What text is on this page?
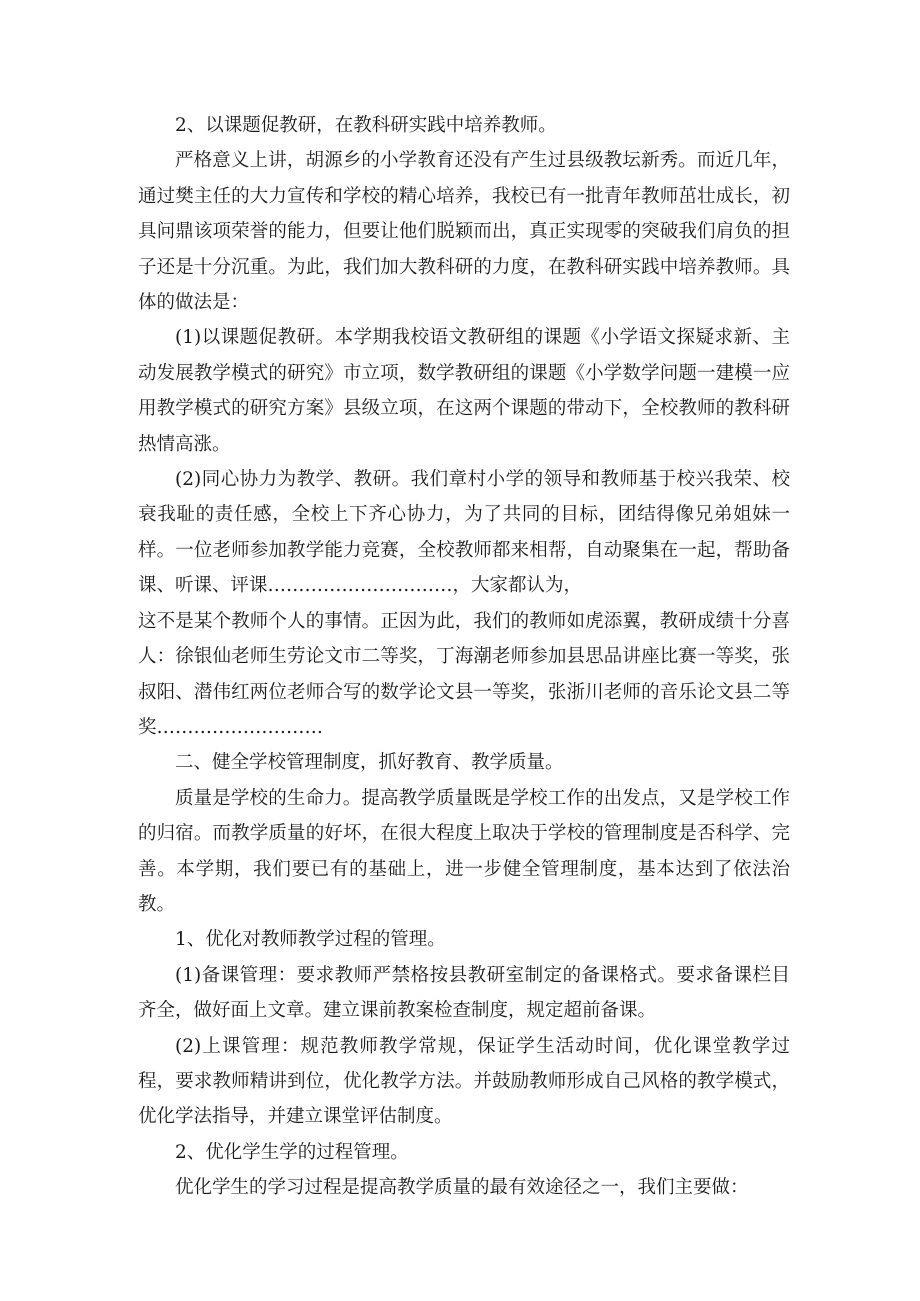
2、以课题促教研，在教科研实践中培养教师。

严格意义上讲，胡源乡的小学教育还没有产生过县级教坛新秀。而近几年，通过樊主任的大力宣传和学校的精心培养，我校已有一批青年教师茁壮成长，初具问鼎该项荣誉的能力，但要让他们脱颖而出，真正实现零的突破我们肩负的担子还是十分沉重。为此，我们加大教科研的力度，在教科研实践中培养教师。具体的做法是：

(1)以课题促教研。本学期我校语文教研组的课题《小学语文探疑求新、主动发展教学模式的研究》市立项，数学教研组的课题《小学数学问题一建模一应用教学模式的研究方案》县级立项，在这两个课题的带动下，全校教师的教科研热情高涨。

(2)同心协力为教学、教研。我们章村小学的领导和教师基于校兴我荣、校衰我耻的责任感，全校上下齐心协力，为了共同的目标，团结得像兄弟姐妹一样。一位老师参加教学能力竞赛，全校教师都来相帮，自动聚集在一起，帮助备课、听课、评课…………………………，大家都认为，

这不是某个教师个人的事情。正因为此，我们的教师如虎添翼，教研成绩十分喜人：徐银仙老师生劳论文市二等奖，丁海潮老师参加县思品讲座比赛一等奖，张叔阳、潜伟红两位老师合写的数学论文县一等奖，张浙川老师的音乐论文县二等奖………………………

二、健全学校管理制度，抓好教育、教学质量。

质量是学校的生命力。提高教学质量既是学校工作的出发点，又是学校工作的归宿。而教学质量的好坏，在很大程度上取决于学校的管理制度是否科学、完善。本学期，我们要已有的基础上，进一步健全管理制度，基本达到了依法治教。

1、优化对教师教学过程的管理。

(1)备课管理：要求教师严禁格按县教研室制定的备课格式。要求备课栏目齐全，做好面上文章。建立课前教案检查制度，规定超前备课。

(2)上课管理：规范教师教学常规，保证学生活动时间，优化课堂教学过程，要求教师精讲到位，优化教学方法。并鼓励教师形成自己风格的教学模式，优化学法指导，并建立课堂评估制度。

2、优化学生学的过程管理。

优化学生的学习过程是提高教学质量的最有效途径之一，我们主要做：
